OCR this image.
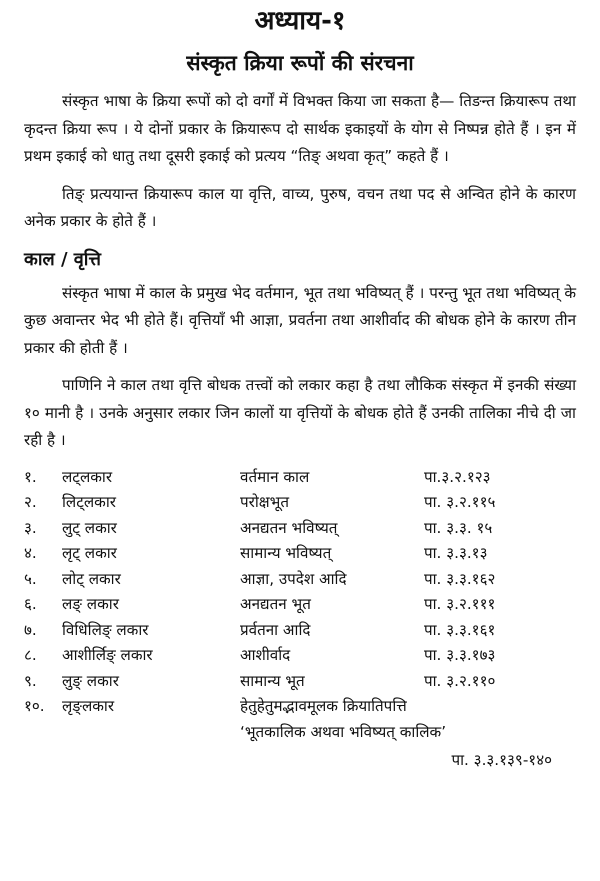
अध्याय-१
संस्कृत क्रिया रूपों की संरचना

संस्कृत भाषा के क्रिया रूपों को दो वर्गों में विभक्त किया जा सकता है— तिङन्त क्रियारूप तथा कृदन्त क्रिया रूप । ये दोनों प्रकार के क्रियारूप दो सार्थक इकाइयों के योग से निष्पन्न होते हैं । इन में प्रथम इकाई को धातु तथा दूसरी इकाई को प्रत्यय “तिङ् अथवा कृत्” कहते हैं ।

तिङ् प्रत्ययान्त क्रियारूप काल या वृत्ति, वाच्य, पुरुष, वचन तथा पद से अन्वित होने के कारण अनेक प्रकार के होते हैं ।

काल / वृत्ति

संस्कृत भाषा में काल के प्रमुख भेद वर्तमान, भूत तथा भविष्यत् हैं । परन्तु भूत तथा भविष्यत् के कुछ अवान्तर भेद भी होते हैं। वृत्तियाँ भी आज्ञा, प्रवर्तना तथा आशीर्वाद की बोधक होने के कारण तीन प्रकार की होती हैं ।

पाणिनि ने काल तथा वृत्ति बोधक तत्त्वों को लकार कहा है तथा लौकिक संस्कृत में इनकी संख्या १० मानी है । उनके अनुसार लकार जिन कालों या वृत्तियों के बोधक होते हैं उनकी तालिका नीचे दी जा रही है ।

१.	लट्लकार	वर्तमान काल	पा.३.२.१२३
२.	लिट्लकार	परोक्षभूत	पा. ३.२.११५
३.	लुट् लकार	अनद्यतन भविष्यत्	पा. ३.३. १५
४.	लृट् लकार	सामान्य भविष्यत्	पा. ३.३.१३
५.	लोट् लकार	आज्ञा, उपदेश आदि	पा. ३.३.१६२
६.	लङ् लकार	अनद्यतन भूत	पा. ३.२.१११
७.	विधिलिङ् लकार	प्रर्वतना आदि	पा. ३.३.१६१
८.	आशीर्लिङ् लकार	आशीर्वाद	पा. ३.३.१७३
९.	लुङ् लकार	सामान्य भूत	पा. ३.२.११०
१०.	लृङ्लकार	हेतुहेतुमद्भावमूलक क्रियातिपत्ति
‘भूतकालिक अथवा भविष्यत् कालिक’
पा. ३.३.१३९-१४०
